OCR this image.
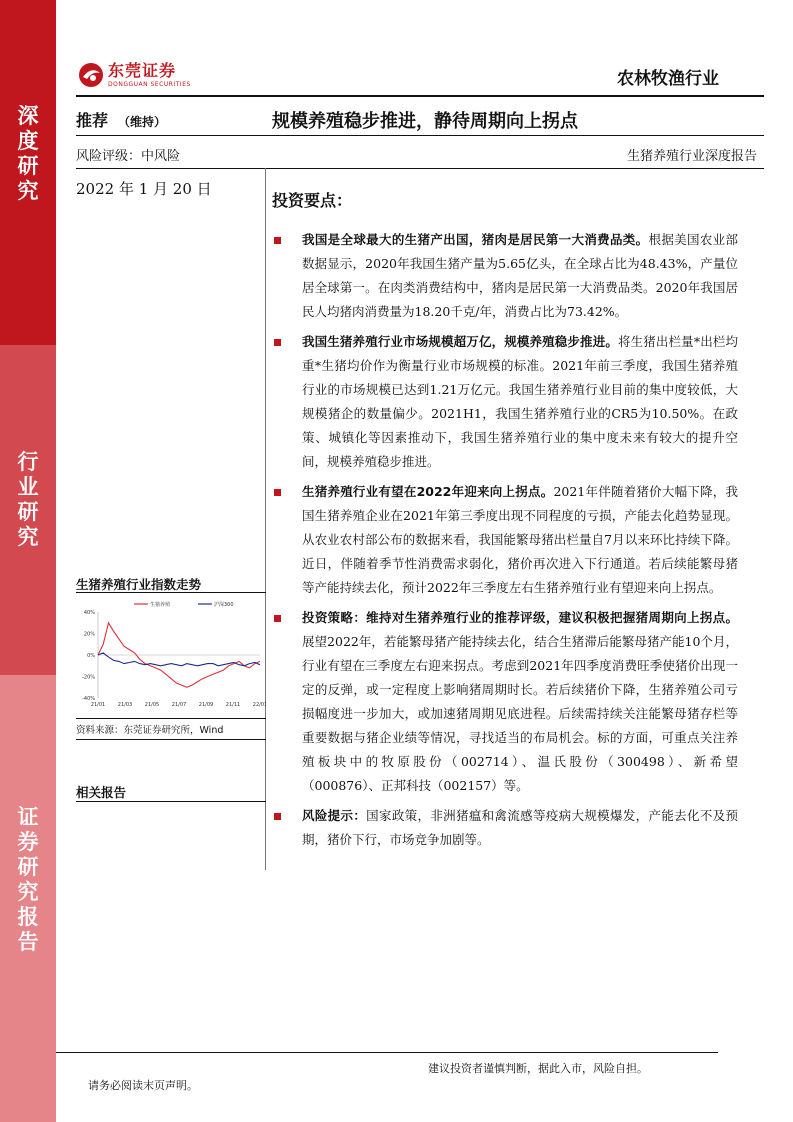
深度研究
行业研究
证券研究报告
东莞证券
DONGGUAN SECURITIES	农林牧渔行业
推荐 （维持）	规模养殖稳步推进，静待周期向上拐点
风险评级：中风险	生猪养殖行业深度报告
2022 年 1 月 20 日
投资要点：
我国是全球最大的生猪产出国，猪肉是居民第一大消费品类。根据美国农业部数据显示，2020年我国生猪产量为5.65亿头，在全球占比为48.43%，产量位居全球第一。在肉类消费结构中，猪肉是居民第一大消费品类。2020年我国居民人均猪肉消费量为18.20千克/年，消费占比为73.42%。
我国生猪养殖行业市场规模超万亿，规模养殖稳步推进。将生猪出栏量*出栏均重*生猪均价作为衡量行业市场规模的标准。2021年前三季度，我国生猪养殖行业的市场规模已达到1.21万亿元。我国生猪养殖行业目前的集中度较低，大规模猪企的数量偏少。2021H1，我国生猪养殖行业的CR5为10.50%。在政策、城镇化等因素推动下，我国生猪养殖行业的集中度未来有较大的提升空间，规模养殖稳步推进。
生猪养殖行业有望在2022年迎来向上拐点。2021年伴随着猪价大幅下降，我国生猪养殖企业在2021年第三季度出现不同程度的亏损，产能去化趋势显现。从农业农村部公布的数据来看，我国能繁母猪出栏量自7月以来环比持续下降。近日，伴随着季节性消费需求弱化，猪价再次进入下行通道。若后续能繁母猪等产能持续去化，预计2022年三季度左右生猪养殖行业有望迎来向上拐点。
投资策略：维持对生猪养殖行业的推荐评级，建议积极把握猪周期向上拐点。展望2022年，若能繁母猪产能持续去化，结合生猪滞后能繁母猪产能10个月，行业有望在三季度左右迎来拐点。考虑到2021年四季度消费旺季使猪价出现一定的反弹，或一定程度上影响猪周期时长。若后续猪价下降，生猪养殖公司亏损幅度进一步加大，或加速猪周期见底进程。后续需持续关注能繁母猪存栏等重要数据与猪企业绩等情况，寻找适当的布局机会。标的方面，可重点关注养殖板块中的牧原股份（002714）、温氏股份（300498）、新希望（000876）、正邦科技（002157）等。
风险提示：国家政策，非洲猪瘟和禽流感等疫病大规模爆发，产能去化不及预期，猪价下行，市场竞争加剧等。
生猪养殖行业指数走势
40%
20%
0%
-20%
-40%
21/01	21/03	21/05	21/07	21/09	21/11	22/01
生猪养殖	沪深300
资料来源：东莞证券研究所，Wind
相关报告
建议投资者谨慎判断，据此入市，风险自担。
请务必阅读末页声明。
